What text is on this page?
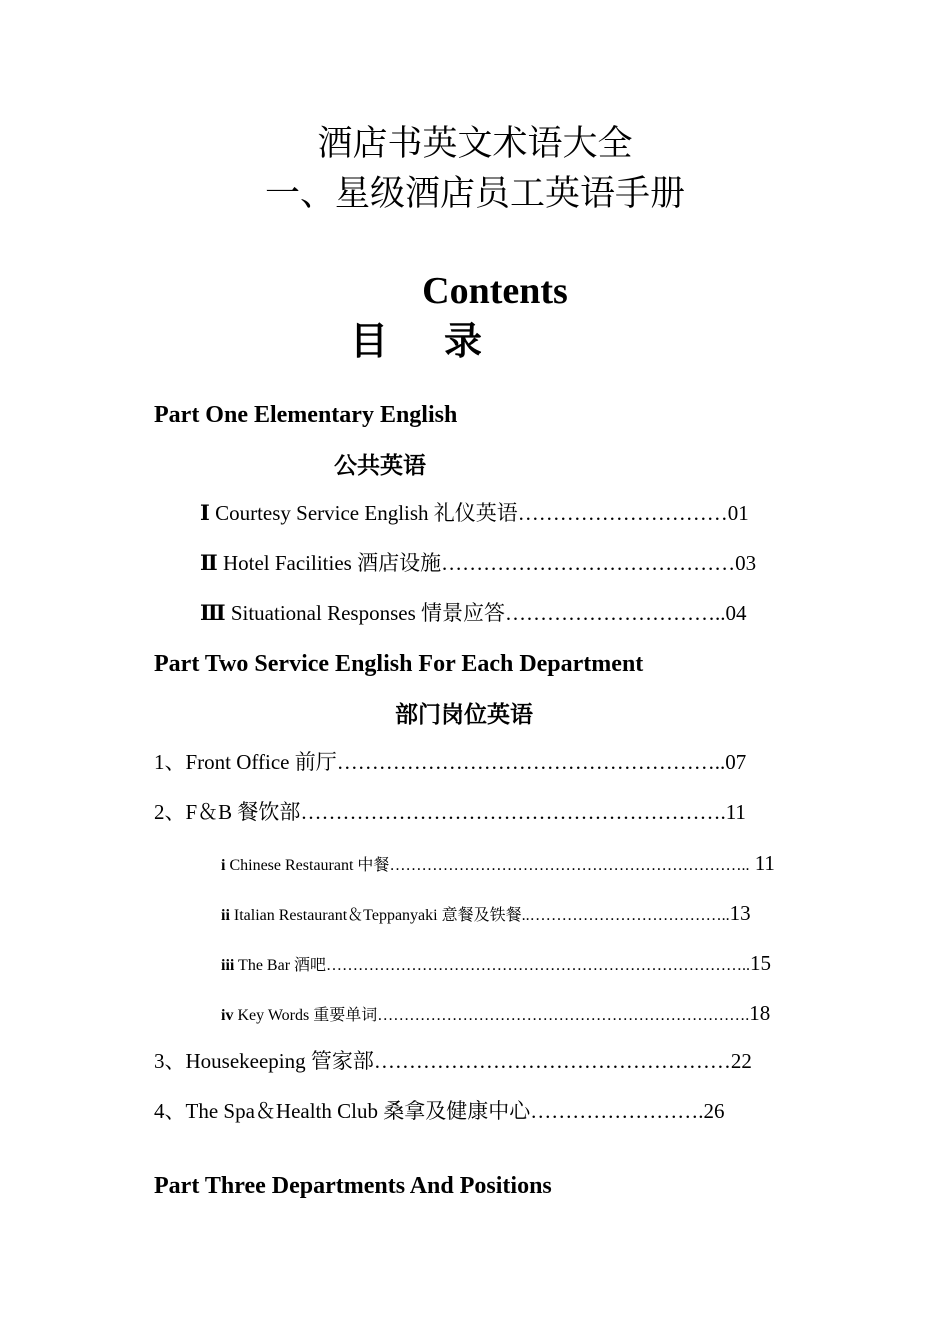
酒店书英文术语大全
一、星级酒店员工英语手册
Contents
目 录
Part One Elementary English
公共英语
Ⅰ Courtesy Service English 礼仪英语…………………………01
Ⅱ Hotel Facilities 酒店设施……………………………………03
Ⅲ Situational Responses 情景应答…………………………..04
Part Two Service English For Each Department
部门岗位英语
1、Front Office 前厅………………………………………………..07
2、F＆B 餐饮部…………………………………………………….11
i Chinese Restaurant 中餐………………………………………………………….. 11
ii Italian Restaurant＆Teppanyaki 意餐及铁餐..………………………………..13
iii The Bar 酒吧……………………………………………………………………..15
iv Key Words 重要单词…………………………………………………………….18
3、Housekeeping 管家部……………………………………………22
4、The Spa＆Health Club 桑拿及健康中心…………………….26
Part Three Departments And Positions
